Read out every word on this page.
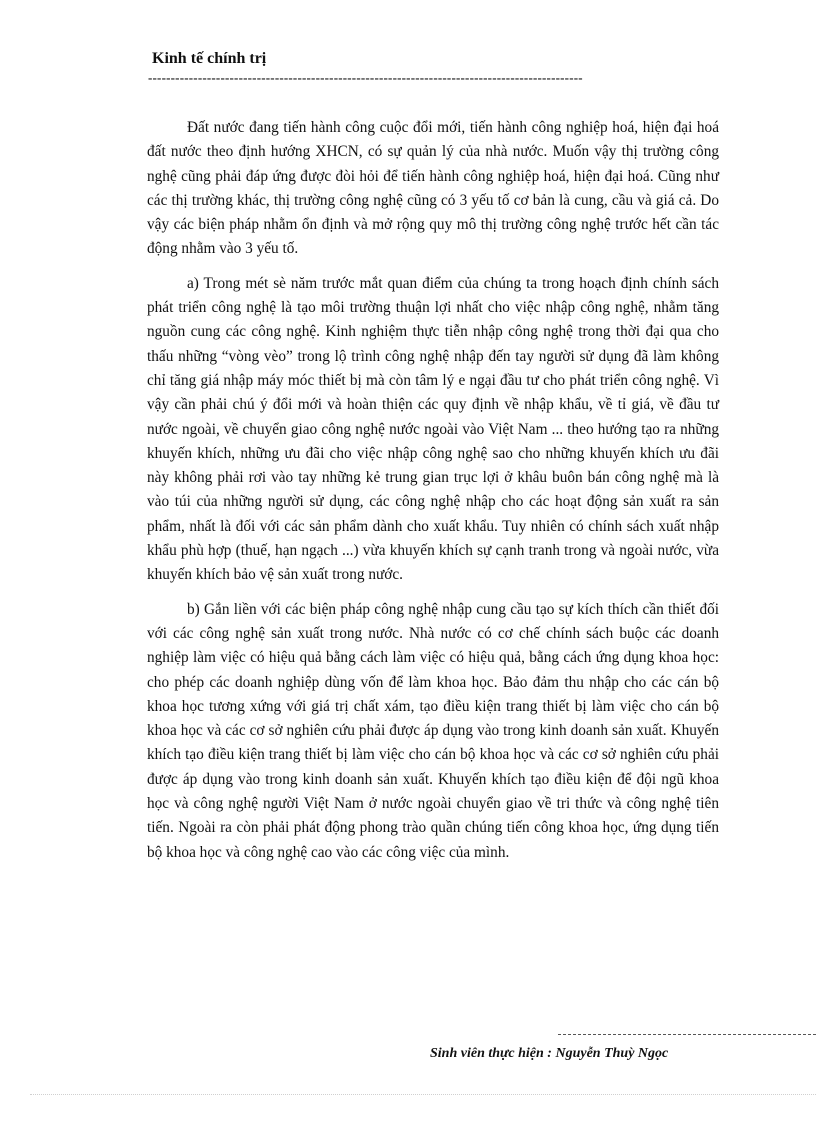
Kinh tế chính trị
------------------------------------------------------------------------------------------------

Đất nước đang tiến hành công cuộc đổi mới, tiến hành công nghiệp hoá, hiện đại hoá đất nước theo định hướng XHCN, có sự quản lý của nhà nước. Muốn vậy thị trường công nghệ cũng phải đáp ứng được đòi hỏi để tiến hành công nghiệp hoá, hiện đại hoá. Cũng như các thị trường khác, thị trường công nghệ cũng có 3 yếu tố cơ bản là cung, cầu và giá cả. Do vậy các biện pháp nhằm ổn định và mở rộng quy mô thị trường công nghệ trước hết cần tác động nhằm vào 3 yếu tố.

a) Trong mét sè năm trước mắt quan điểm của chúng ta trong hoạch định chính sách phát triển công nghệ là tạo môi trường thuận lợi nhất cho việc nhập công nghệ, nhằm tăng nguồn cung các công nghệ. Kinh nghiệm thực tiễn nhập công nghệ trong thời đại qua cho thấu những “vòng vèo” trong lộ trình công nghệ nhập đến tay người sử dụng đã làm không chỉ tăng giá nhập máy móc thiết bị mà còn tâm lý e ngại đầu tư cho phát triển công nghệ. Vì vậy cần phải chú ý đổi mới và hoàn thiện các quy định về nhập khẩu, về tỉ giá, về đầu tư nước ngoài, về chuyển giao công nghệ nước ngoài vào Việt Nam ... theo hướng tạo ra những khuyến khích, những ưu đãi cho việc nhập công nghệ sao cho những khuyến khích ưu đãi này không phải rơi vào tay những kẻ trung gian trục lợi ở khâu buôn bán công nghệ mà là vào túi của những người sử dụng, các công nghệ nhập cho các hoạt động sản xuất ra sản phẩm, nhất là đối với các sản phẩm dành cho xuất khẩu. Tuy nhiên có chính sách xuất nhập khẩu phù hợp (thuế, hạn ngạch ...) vừa khuyến khích sự cạnh tranh trong và ngoài nước, vừa khuyến khích bảo vệ sản xuất trong nước.

b) Gắn liền với các biện pháp công nghệ nhập cung cầu tạo sự kích thích cần thiết đối với các công nghệ sản xuất trong nước. Nhà nước có cơ chế chính sách buộc các doanh nghiệp làm việc có hiệu quả bằng cách làm việc có hiệu quả, bằng cách ứng dụng khoa học: cho phép các doanh nghiệp dùng vốn để làm khoa học. Bảo đảm thu nhập cho các cán bộ khoa học tương xứng với giá trị chất xám, tạo điều kiện trang thiết bị làm việc cho cán bộ khoa học và các cơ sở nghiên cứu phải được áp dụng vào trong kinh doanh sản xuất. Khuyến khích tạo điều kiện trang thiết bị làm việc cho cán bộ khoa học và các cơ sở nghiên cứu phải được áp dụng vào trong kinh doanh sản xuất. Khuyến khích tạo điều kiện để đội ngũ khoa học và công nghệ người Việt Nam ở nước ngoài chuyển giao về tri thức và công nghệ tiên tiến. Ngoài ra còn phải phát động phong trào quần chúng tiến công khoa học, ứng dụng tiến bộ khoa học và công nghệ cao vào các công việc của mình.

Sinh viên thực hiện : Nguyễn Thuỳ Ngọc
